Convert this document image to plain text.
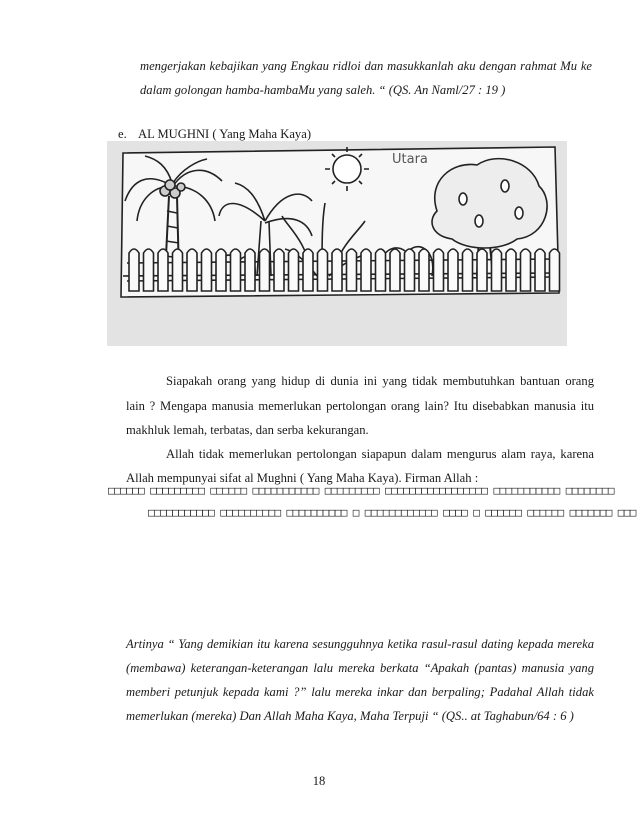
mengerjakan kebajikan yang Engkau ridloi dan masukkanlah aku dengan rahmat Mu ke
dalam golongan hamba-hambaMu yang saleh. “ (QS. An Naml/27 : 19 )
e. AL MUGHNI ( Yang Maha Kaya)
Utara
Siapakah orang yang hidup di dunia ini yang tidak membutuhkan bantuan orang
lain ? Mengapa manusia memerlukan pertolongan orang lain? Itu disebabkan manusia itu
makhluk lemah, terbatas, dan serba kekurangan.
Allah tidak memerlukan pertolongan siapapun dalam mengurus alam raya, karena
Allah mempunyai sifat al Mughni ( Yang Maha Kaya). Firman Allah :
□□□□□□ □□□□□□□□□ □□□□□□ □□□□□□□□□□□ □□□□□□□□□ □□□□□□□□□□□□□□□□□ □□□□□□□□□□□ □□□□□□□□
□□□□□□□□□□□ □□□□□□□□□□ □□□□□□□□□□ □ □□□□□□□□□□□□ □□□□ □ □□□□□□ □□□□□□ □□□□□□□ □□□
Artinya “ Yang demikian itu karena sesungguhnya ketika rasul-rasul dating kepada mereka
(membawa) keterangan-keterangan lalu mereka berkata “Apakah (pantas) manusia yang
memberi petunjuk kepada kami ?” lalu mereka inkar dan berpaling; Padahal Allah tidak
memerlukan (mereka) Dan Allah Maha Kaya, Maha Terpuji “ (QS.. at Taghabun/64 : 6 )
18
